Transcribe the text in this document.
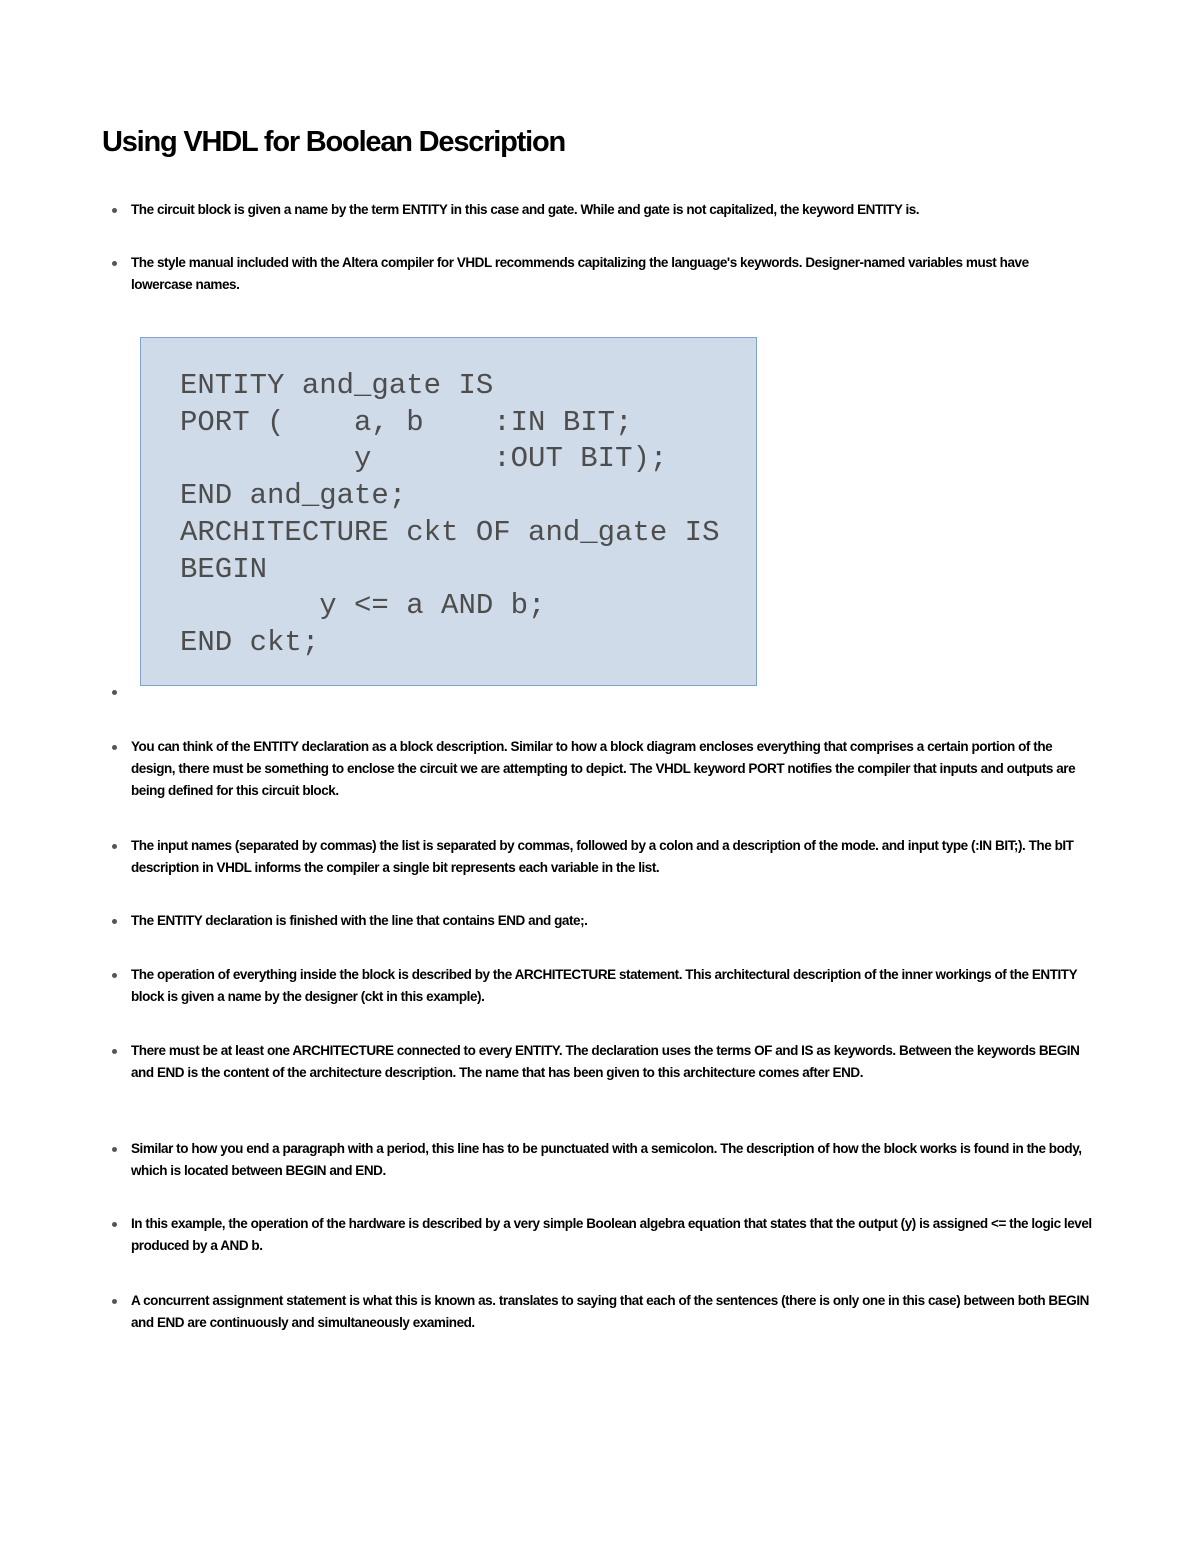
Using VHDL for Boolean Description
The circuit block is given a name by the term ENTITY in this case and gate. While and gate is not capitalized, the keyword ENTITY is.
The style manual included with the Altera compiler for VHDL recommends capitalizing the language's keywords. Designer-named variables must have lowercase names.
You can think of the ENTITY declaration as a block description. Similar to how a block diagram encloses everything that comprises a certain portion of the design, there must be something to enclose the circuit we are attempting to depict. The VHDL keyword PORT notifies the compiler that inputs and outputs are being defined for this circuit block.
The input names (separated by commas) the list is separated by commas, followed by a colon and a description of the mode. and input type (:IN BIT;). The bIT description in VHDL informs the compiler a single bit represents each variable in the list.
The ENTITY declaration is finished with the line that contains END and gate;.
The operation of everything inside the block is described by the ARCHITECTURE statement. This architectural description of the inner workings of the ENTITY block is given a name by the designer (ckt in this example).
There must be at least one ARCHITECTURE connected to every ENTITY. The declaration uses the terms OF and IS as keywords. Between the keywords BEGIN and END is the content of the architecture description. The name that has been given to this architecture comes after END.
Similar to how you end a paragraph with a period, this line has to be punctuated with a semicolon. The description of how the block works is found in the body, which is located between BEGIN and END.
In this example, the operation of the hardware is described by a very simple Boolean algebra equation that states that the output (y) is assigned <= the logic level produced by a AND b.
A concurrent assignment statement is what this is known as. translates to saying that each of the sentences (there is only one in this case) between both BEGIN and END are continuously and simultaneously examined.
ENTITY and_gate IS
PORT (    a, b    :IN BIT;
y       :OUT BIT);
END and_gate;
ARCHITECTURE ckt OF and_gate IS
BEGIN
y <= a AND b;
END ckt;
